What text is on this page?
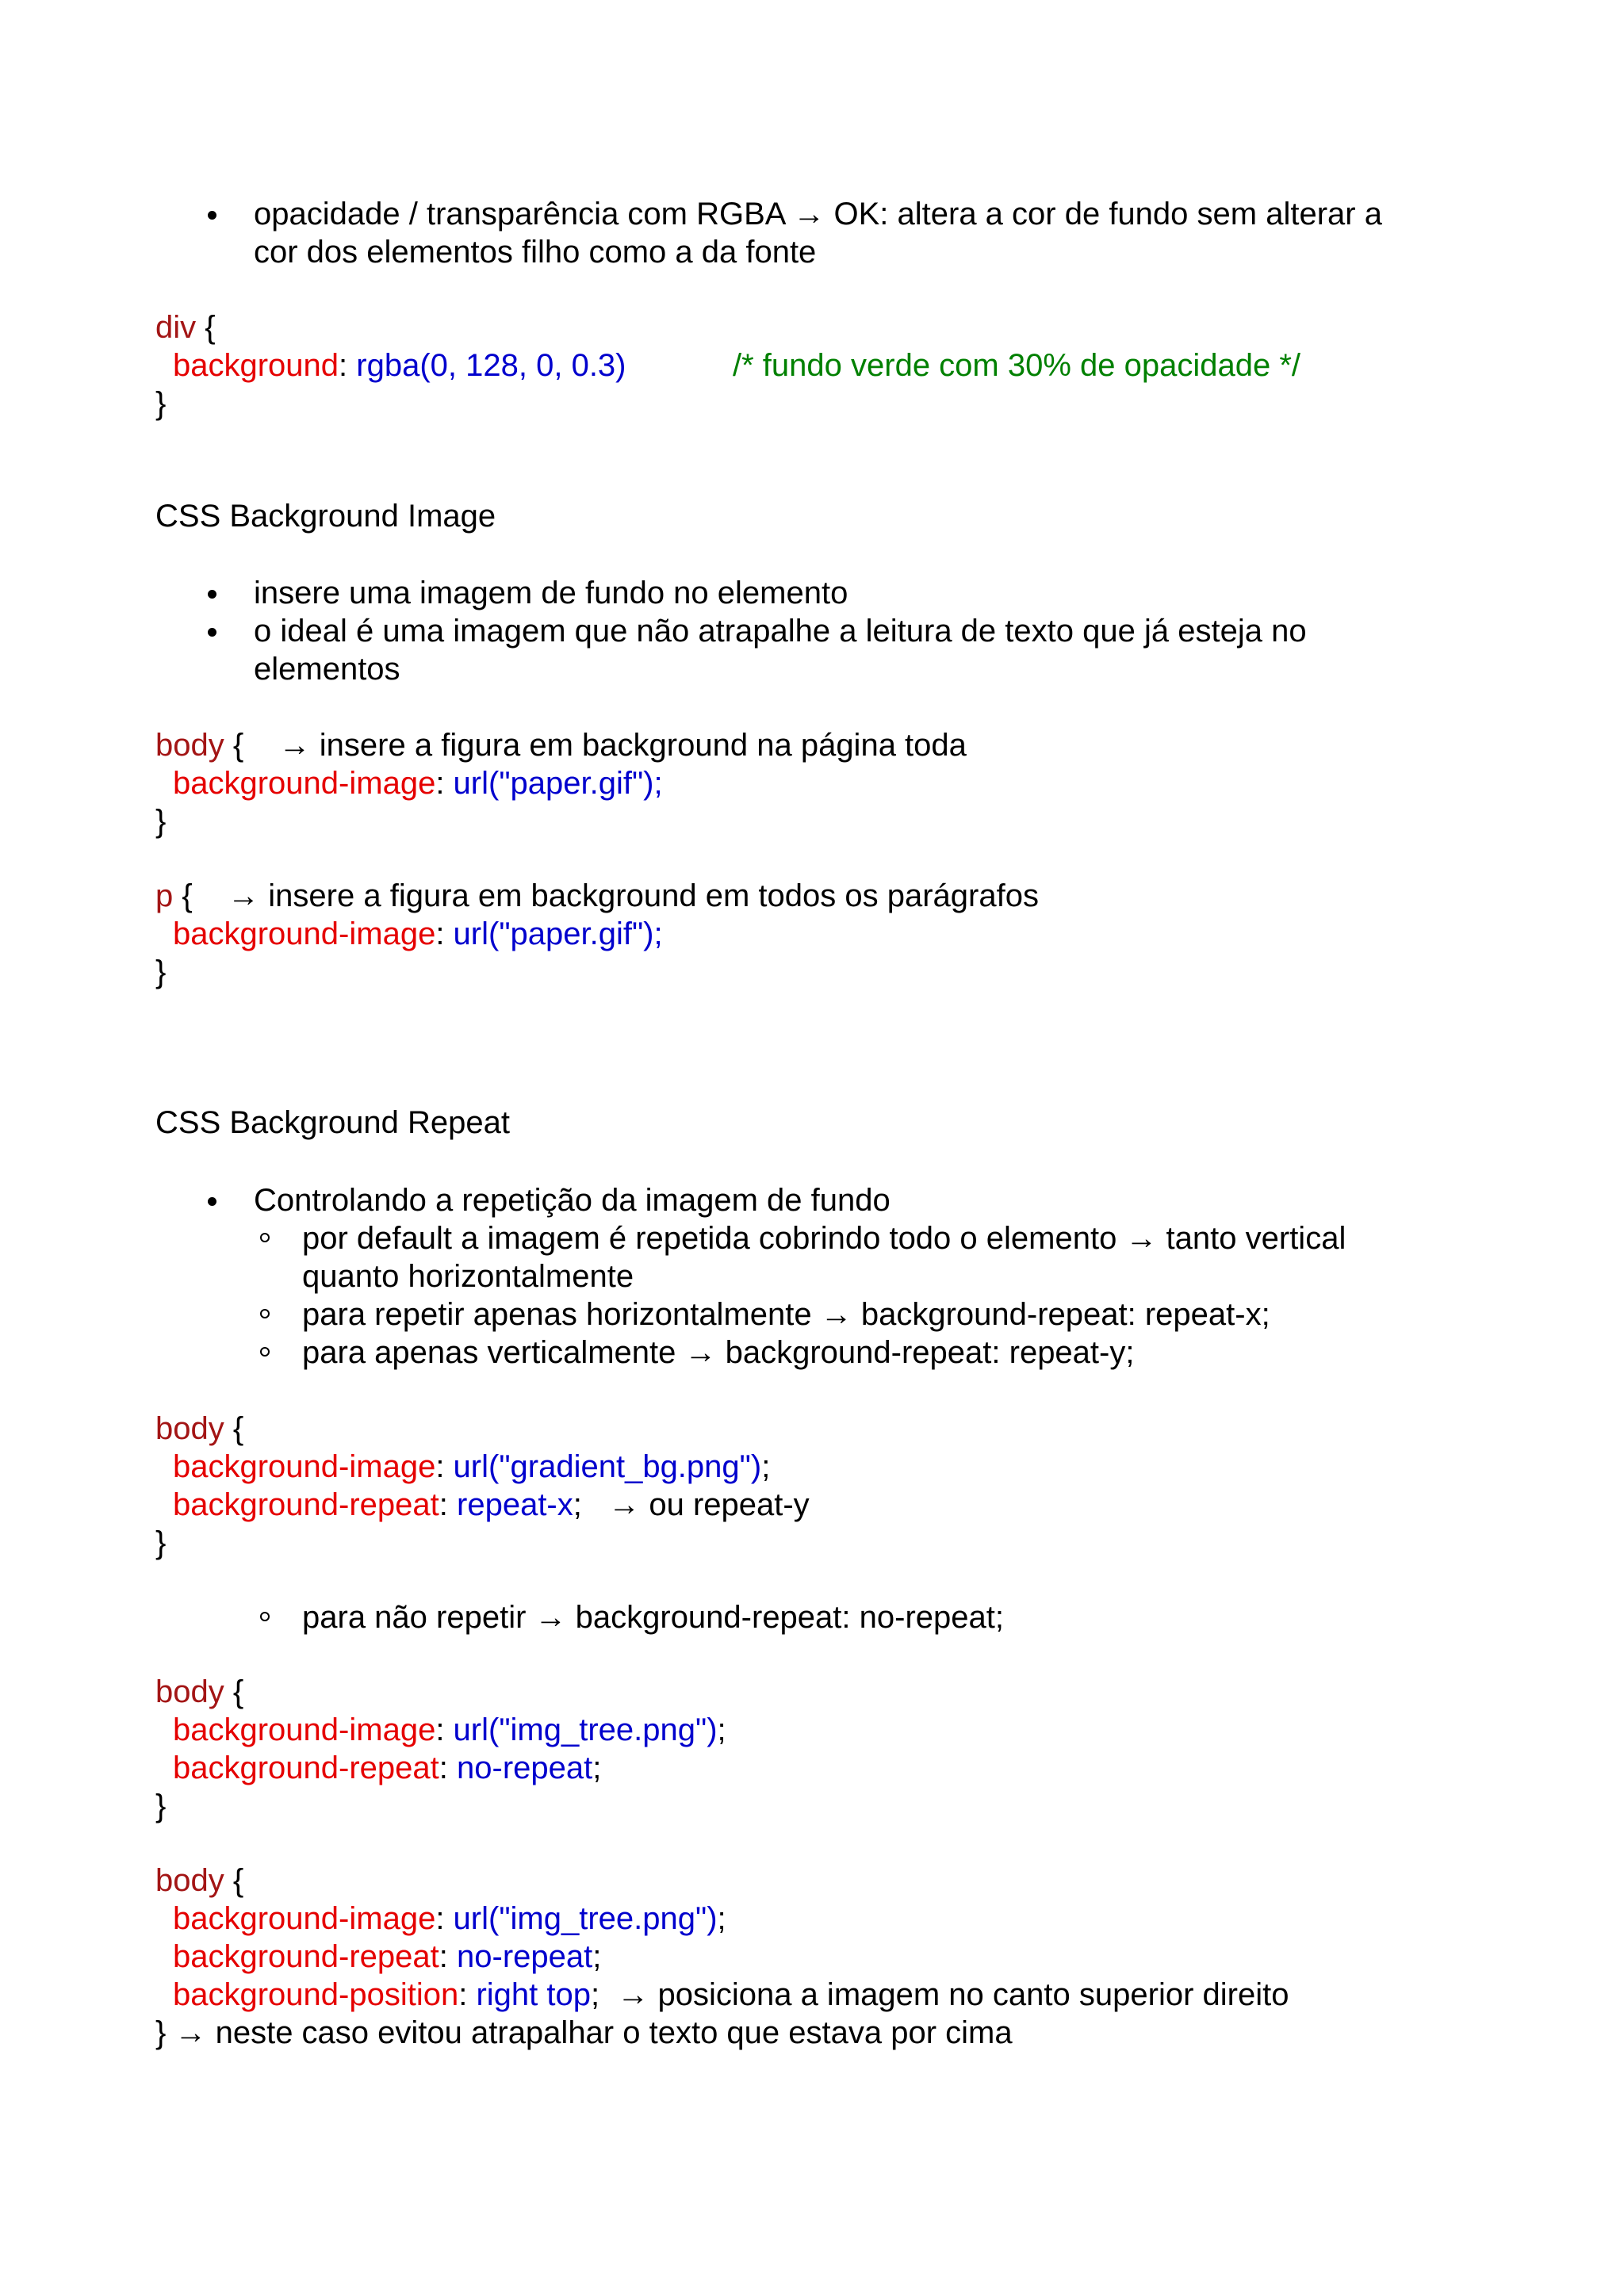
opacidade / transparência com RGBA → OK: altera a cor de fundo sem alterar a
cor dos elementos filho como a da fonte
div {
background: rgba(0, 128, 0, 0.3)	/* fundo verde com 30% de opacidade */
}
CSS Background Image
insere uma imagem de fundo no elemento
o ideal é uma imagem que não atrapalhe a leitura de texto que já esteja no
elementos
body {    → insere a figura em background na página toda
background-image: url("paper.gif");
}
p {    → insere a figura em background em todos os parágrafos
background-image: url("paper.gif");
}
CSS Background Repeat
Controlando a repetição da imagem de fundo
por default a imagem é repetida cobrindo todo o elemento → tanto vertical
quanto horizontalmente
para repetir apenas horizontalmente → background-repeat: repeat-x;
para apenas verticalmente → background-repeat: repeat-y;
body {
background-image: url("gradient_bg.png");
background-repeat: repeat-x;   → ou repeat-y
}
para não repetir → background-repeat: no-repeat;
body {
background-image: url("img_tree.png");
background-repeat: no-repeat;
}
body {
background-image: url("img_tree.png");
background-repeat: no-repeat;
background-position: right top;  → posiciona a imagem no canto superior direito
} → neste caso evitou atrapalhar o texto que estava por cima
